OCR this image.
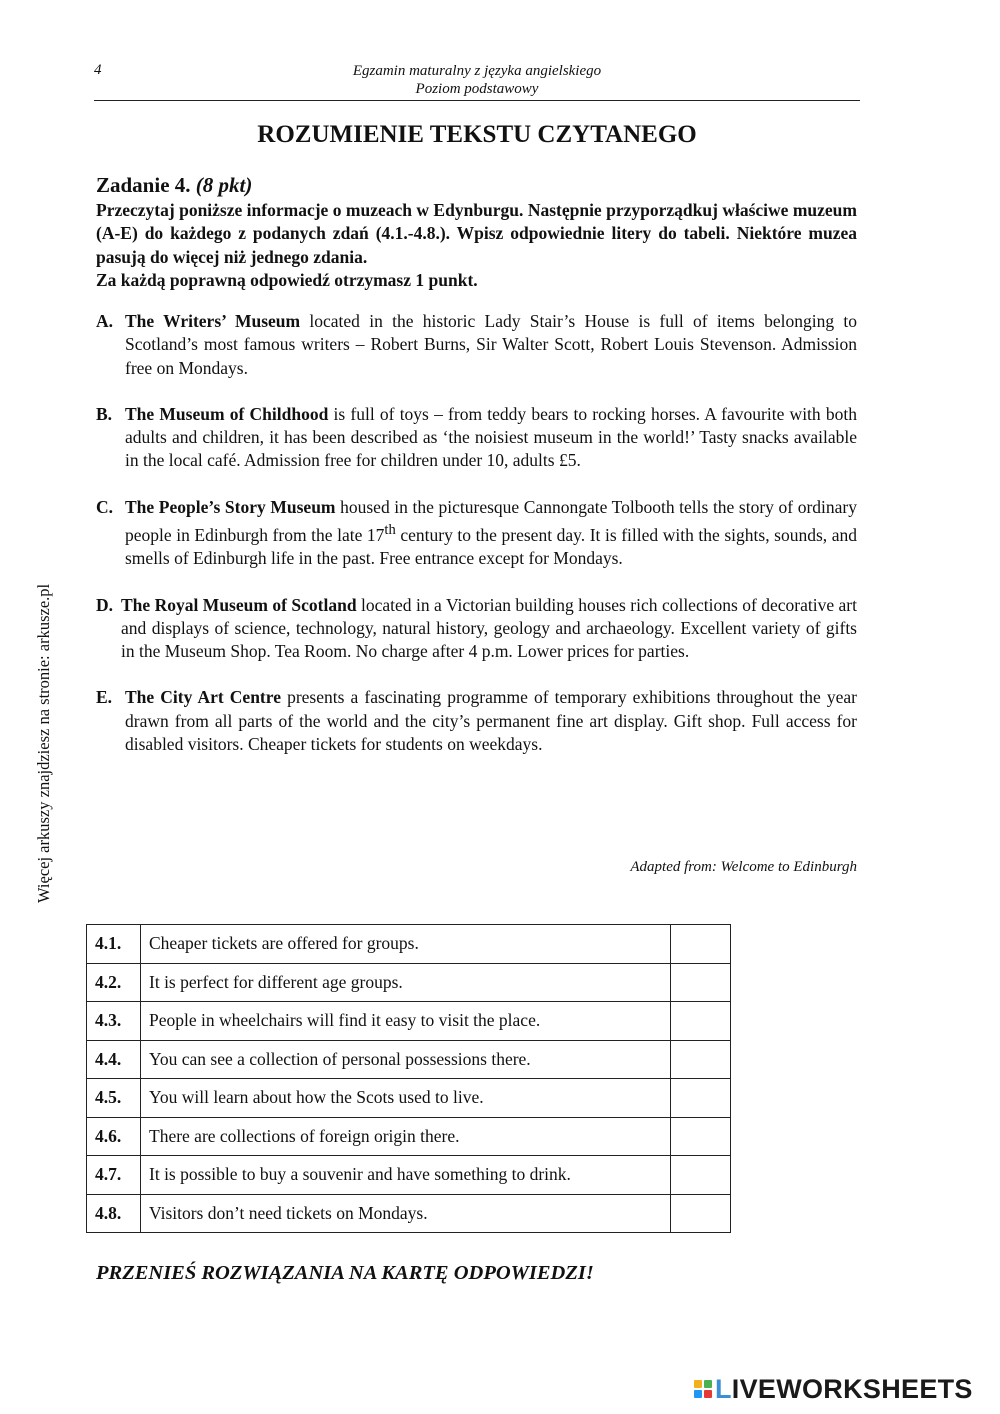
4	Egzamin maturalny z języka angielskiego
Poziom podstawowy
ROZUMIENIE TEKSTU CZYTANEGO
Zadanie 4. (8 pkt)
Przeczytaj poniższe informacje o muzeach w Edynburgu. Następnie przyporządkuj właściwe muzeum (A-E) do każdego z podanych zdań (4.1.-4.8.). Wpisz odpowiednie litery do tabeli. Niektóre muzea pasują do więcej niż jednego zdania.
Za każdą poprawną odpowiedź otrzymasz 1 punkt.
A. The Writers’ Museum located in the historic Lady Stair’s House is full of items belonging to Scotland’s most famous writers – Robert Burns, Sir Walter Scott, Robert Louis Stevenson. Admission free on Mondays.
B. The Museum of Childhood is full of toys – from teddy bears to rocking horses. A favourite with both adults and children, it has been described as ‘the noisiest museum in the world!’ Tasty snacks available in the local café. Admission free for children under 10, adults £5.
C. The People’s Story Museum housed in the picturesque Cannongate Tolbooth tells the story of ordinary people in Edinburgh from the late 17th century to the present day. It is filled with the sights, sounds, and smells of Edinburgh life in the past. Free entrance except for Mondays.
D. The Royal Museum of Scotland located in a Victorian building houses rich collections of decorative art and displays of science, technology, natural history, geology and archaeology. Excellent variety of gifts in the Museum Shop. Tea Room. No charge after 4 p.m. Lower prices for parties.
E. The City Art Centre presents a fascinating programme of temporary exhibitions throughout the year drawn from all parts of the world and the city’s permanent fine art display. Gift shop. Full access for disabled visitors. Cheaper tickets for students on weekdays.
Adapted from: Welcome to Edinburgh
Więcej arkuszy znajdziesz na stronie: arkusze.pl
4.1.	Cheaper tickets are offered for groups.	
4.2.	It is perfect for different age groups.	
4.3.	People in wheelchairs will find it easy to visit the place.	
4.4.	You can see a collection of personal possessions there.	
4.5.	You will learn about how the Scots used to live.	
4.6.	There are collections of foreign origin there.	
4.7.	It is possible to buy a souvenir and have something to drink.	
4.8.	Visitors don’t need tickets on Mondays.	
PRZENIEŚ ROZWIĄZANIA NA KARTĘ ODPOWIEDZI!
LIVEWORKSHEETS
